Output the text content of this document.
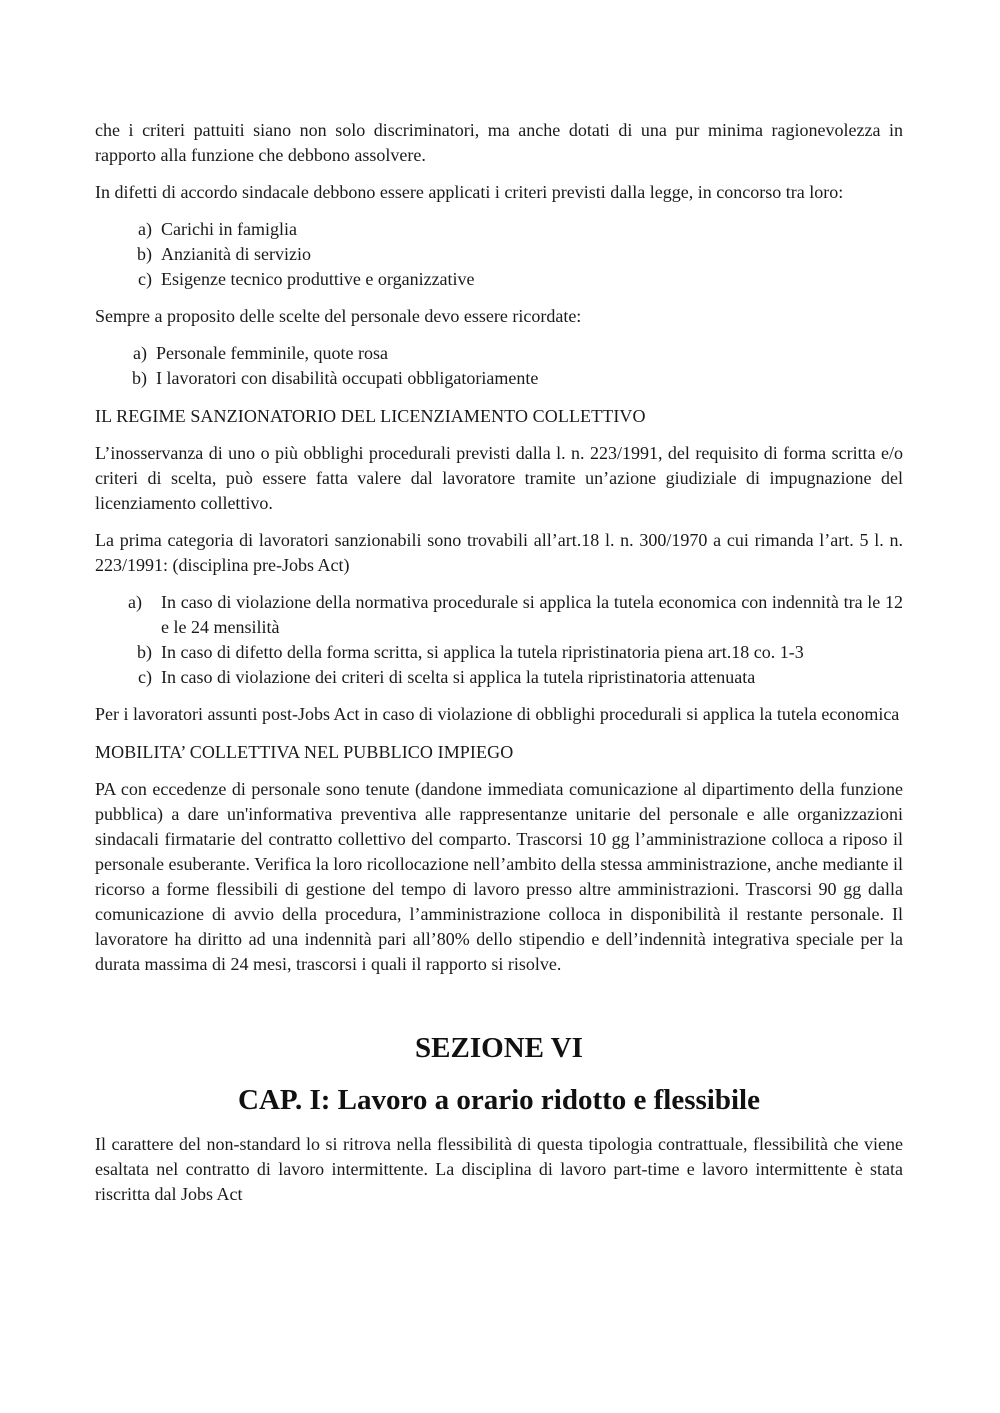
che i criteri pattuiti siano non solo discriminatori, ma anche dotati di una pur minima ragionevolezza in rapporto alla funzione che debbono assolvere.

In difetti di accordo sindacale debbono essere applicati i criteri previsti dalla legge, in concorso tra loro:

a) Carichi in famiglia
b) Anzianità di servizio
c) Esigenze tecnico produttive e organizzative

Sempre a proposito delle scelte del personale devo essere ricordate:

a) Personale femminile, quote rosa
b) I lavoratori con disabilità occupati obbligatoriamente

IL REGIME SANZIONATORIO DEL LICENZIAMENTO COLLETTIVO

L’inosservanza di uno o più obblighi procedurali previsti dalla l. n. 223/1991, del requisito di forma scritta e/o criteri di scelta, può essere fatta valere dal lavoratore tramite un’azione giudiziale di impugnazione del licenziamento collettivo.

La prima categoria di lavoratori sanzionabili sono trovabili all’art.18 l. n. 300/1970 a cui rimanda l’art. 5 l. n. 223/1991: (disciplina pre-Jobs Act)

a)	In caso di violazione della normativa procedurale si applica la tutela economica con indennità tra le 12 e le 24 mensilità
b) In caso di difetto della forma scritta, si applica la tutela ripristinatoria piena art.18 co. 1-3
c) In caso di violazione dei criteri di scelta si applica la tutela ripristinatoria attenuata

Per i lavoratori assunti post-Jobs Act in caso di violazione di obblighi procedurali si applica la tutela economica

MOBILITA’ COLLETTIVA NEL PUBBLICO IMPIEGO

PA con eccedenze di personale sono tenute (dandone immediata comunicazione al dipartimento della funzione pubblica) a dare un'informativa preventiva alle rappresentanze unitarie del personale e alle organizzazioni sindacali firmatarie del contratto collettivo del comparto. Trascorsi 10 gg l’amministrazione colloca a riposo il personale esuberante. Verifica la loro ricollocazione nell’ambito della stessa amministrazione, anche mediante il ricorso a forme flessibili di gestione del tempo di lavoro presso altre amministrazioni. Trascorsi 90 gg dalla comunicazione di avvio della procedura, l’amministrazione colloca in disponibilità il restante personale. Il lavoratore ha diritto ad una indennità pari all’80% dello stipendio e dell’indennità integrativa speciale per la durata massima di 24 mesi, trascorsi i quali il rapporto si risolve.

SEZIONE VI
CAP. I: Lavoro a orario ridotto e flessibile

Il carattere del non-standard lo si ritrova nella flessibilità di questa tipologia contrattuale, flessibilità che viene esaltata nel contratto di lavoro intermittente. La disciplina di lavoro part-time e lavoro intermittente è stata riscritta dal Jobs Act
